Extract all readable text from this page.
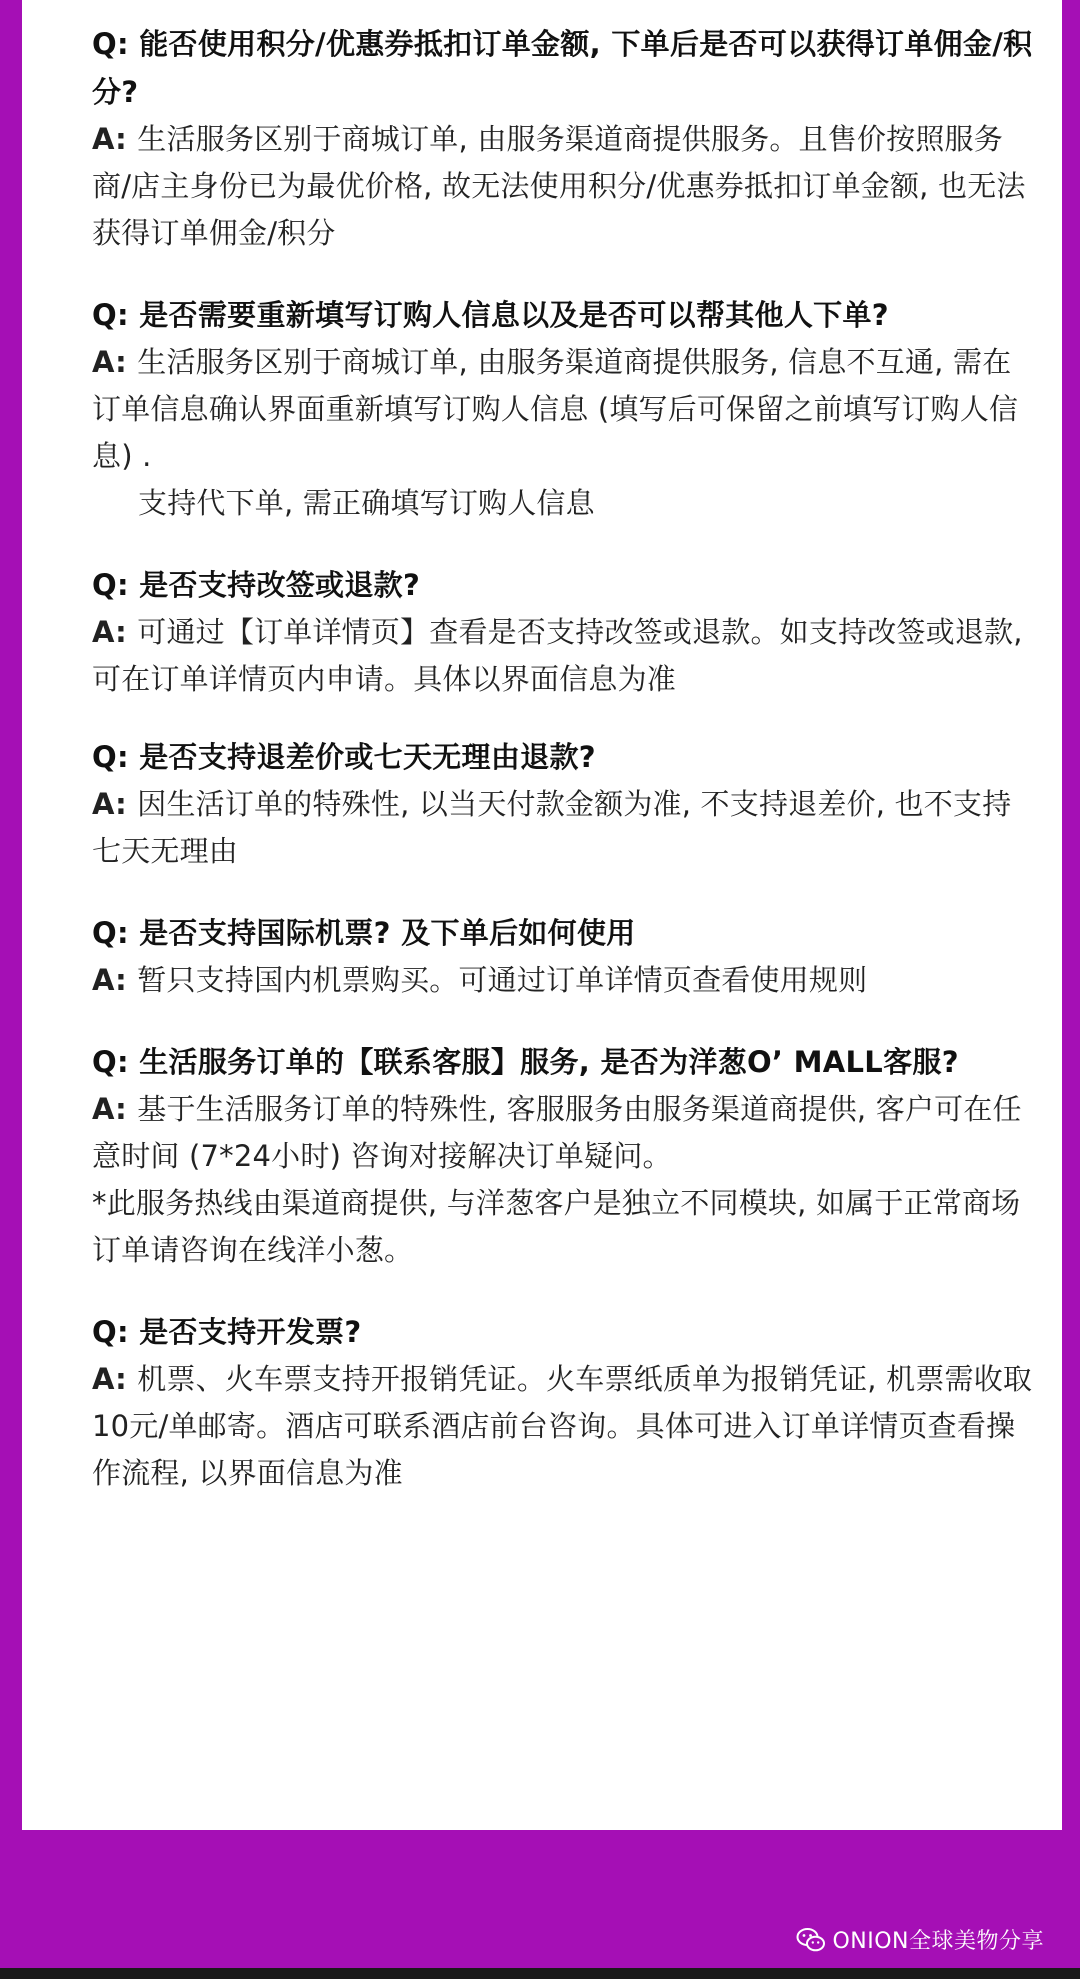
Q: 能否使用积分/优惠券抵扣订单金额, 下单后是否可以获得订单佣金/积分?
A: 生活服务区别于商城订单, 由服务渠道商提供服务。且售价按照服务商/店主身份已为最优价格, 故无法使用积分/优惠券抵扣订单金额, 也无法获得订单佣金/积分
Q: 是否需要重新填写订购人信息以及是否可以帮其他人下单?
A: 生活服务区别于商城订单, 由服务渠道商提供服务, 信息不互通, 需在订单信息确认界面重新填写订购人信息 (填写后可保留之前填写订购人信息) .
支持代下单, 需正确填写订购人信息
Q: 是否支持改签或退款?
A: 可通过【订单详情页】查看是否支持改签或退款。如支持改签或退款, 可在订单详情页内申请。具体以界面信息为准
Q: 是否支持退差价或七天无理由退款?
A: 因生活订单的特殊性, 以当天付款金额为准, 不支持退差价, 也不支持七天无理由
Q: 是否支持国际机票? 及下单后如何使用
A: 暂只支持国内机票购买。可通过订单详情页查看使用规则
Q: 生活服务订单的【联系客服】服务, 是否为洋葱O’ MALL客服?
A: 基于生活服务订单的特殊性, 客服服务由服务渠道商提供, 客户可在任意时间 (7*24小时) 咨询对接解决订单疑问。
*此服务热线由渠道商提供, 与洋葱客户是独立不同模块, 如属于正常商场订单请咨询在线洋小葱。
Q: 是否支持开发票?
A: 机票、火车票支持开报销凭证。火车票纸质单为报销凭证, 机票需收取10元/单邮寄。酒店可联系酒店前台咨询。具体可进入订单详情页查看操作流程, 以界面信息为准
ONION全球美物分享
